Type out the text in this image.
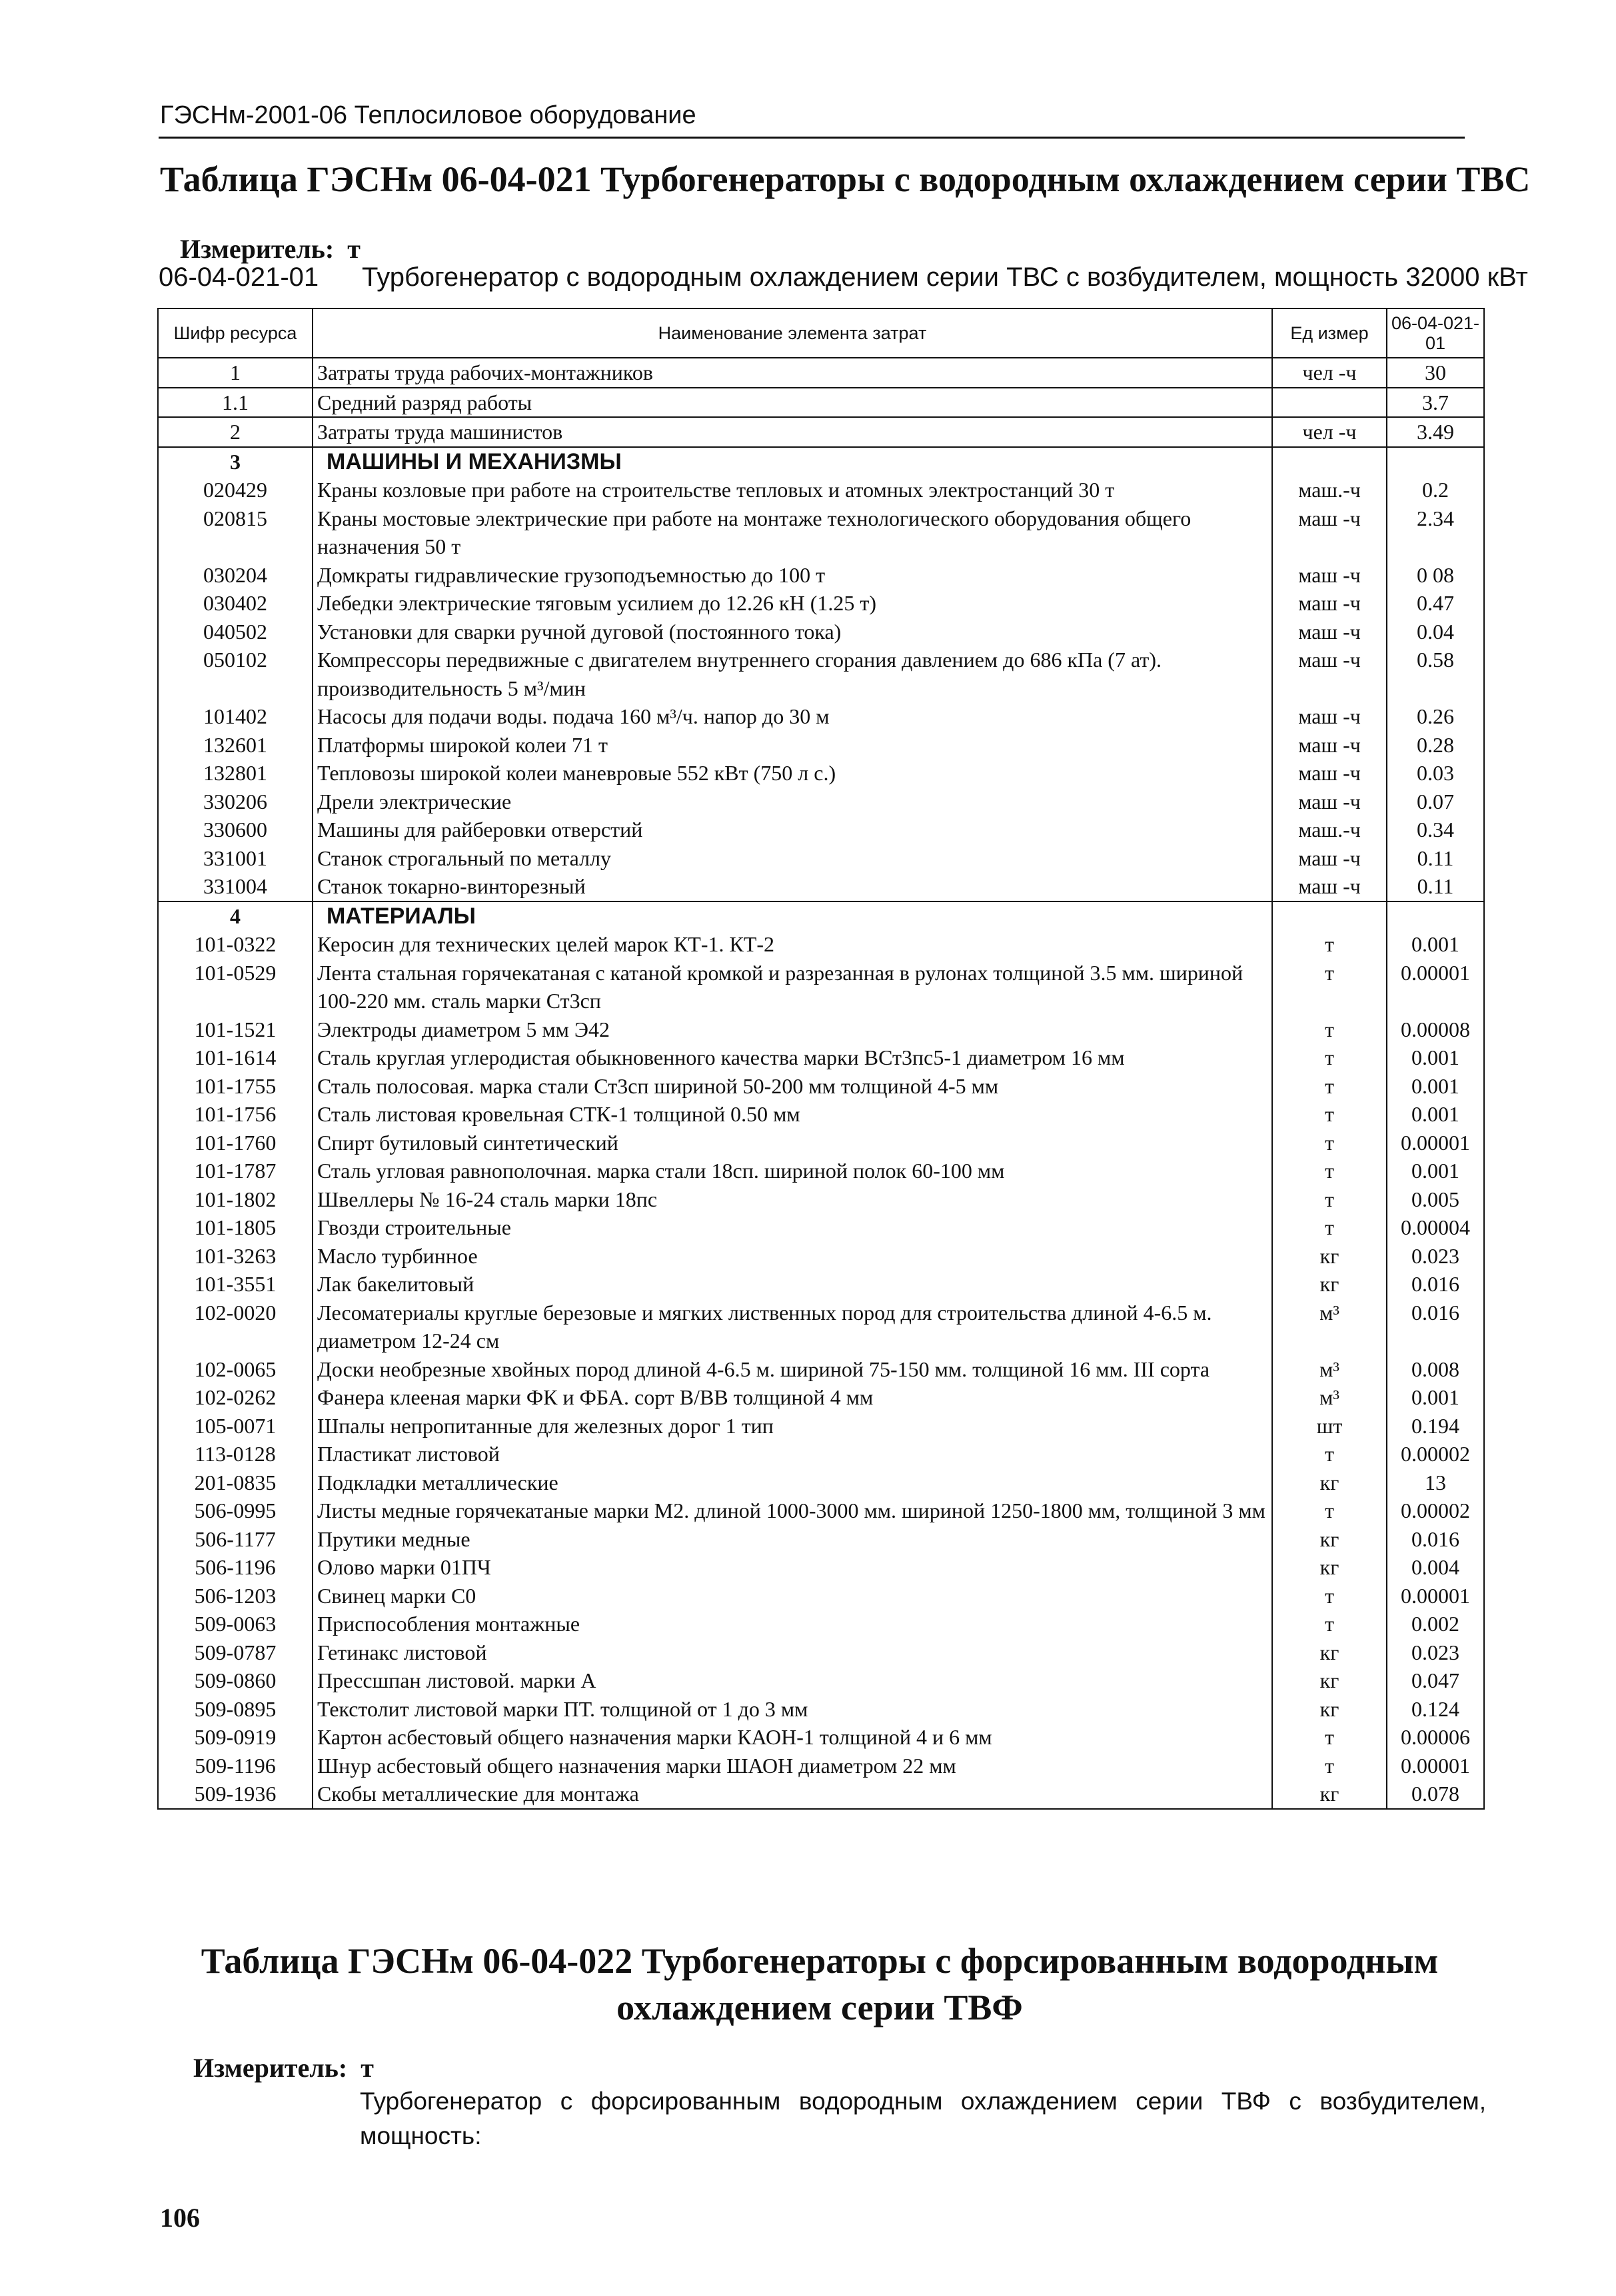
ГЭСНм-2001-06 Теплосиловое оборудование
Таблица ГЭСНм 06-04-021 Турбогенераторы с водородным охлаждением серии ТВС
Измеритель: т
06-04-021-01 Турбогенератор с водородным охлаждением серии ТВС с возбудителем, мощность 32000 кВт
Шифр ресурса	Наименование элемента затрат	Ед измер	06-04-021-01
1	Затраты труда рабочих-монтажников	чел -ч	30
1.1	Средний разряд работы		3.7
2	Затраты труда машинистов	чел -ч	3.49
3	МАШИНЫ И МЕХАНИЗМЫ		
020429	Краны козловые при работе на строительстве тепловых и атомных электростанций 30 т	маш.-ч	0.2
020815	Краны мостовые электрические при работе на монтаже технологического оборудования общего назначения 50 т	маш -ч	2.34
030204	Домкраты гидравлические грузоподъемностью до 100 т	маш -ч	0 08
030402	Лебедки электрические тяговым усилием до 12.26 кН (1.25 т)	маш -ч	0.47
040502	Установки для сварки ручной дуговой (постоянного тока)	маш -ч	0.04
050102	Компрессоры передвижные с двигателем внутреннего сгорания давлением до 686 кПа (7 ат). производительность 5 м³/мин	маш -ч	0.58
101402	Насосы для подачи воды. подача 160 м³/ч. напор до 30 м	маш -ч	0.26
132601	Платформы широкой колеи 71 т	маш -ч	0.28
132801	Тепловозы широкой колеи маневровые 552 кВт (750 л с.)	маш -ч	0.03
330206	Дрели электрические	маш -ч	0.07
330600	Машины для райберовки отверстий	маш.-ч	0.34
331001	Станок строгальный по металлу	маш -ч	0.11
331004	Станок токарно-винторезный	маш -ч	0.11
4	МАТЕРИАЛЫ		
101-0322	Керосин для технических целей марок КТ-1. КТ-2	т	0.001
101-0529	Лента стальная горячекатаная с катаной кромкой и разрезанная в рулонах толщиной 3.5 мм. шириной 100-220 мм. сталь марки Ст3сп	т	0.00001
101-1521	Электроды диаметром 5 мм Э42	т	0.00008
101-1614	Сталь круглая углеродистая обыкновенного качества марки ВСт3пс5-1 диаметром 16 мм	т	0.001
101-1755	Сталь полосовая. марка стали Ст3сп шириной 50-200 мм толщиной 4-5 мм	т	0.001
101-1756	Сталь листовая кровельная СТК-1 толщиной 0.50 мм	т	0.001
101-1760	Спирт бутиловый синтетический	т	0.00001
101-1787	Сталь угловая равнополочная. марка стали 18сп. шириной полок 60-100 мм	т	0.001
101-1802	Швеллеры № 16-24 сталь марки 18пс	т	0.005
101-1805	Гвозди строительные	т	0.00004
101-3263	Масло турбинное	кг	0.023
101-3551	Лак бакелитовый	кг	0.016
102-0020	Лесоматериалы круглые березовые и мягких лиственных пород для строительства длиной 4-6.5 м. диаметром 12-24 см	м³	0.016
102-0065	Доски необрезные хвойных пород длиной 4-6.5 м. шириной 75-150 мм. толщиной 16 мм. III сорта	м³	0.008
102-0262	Фанера клееная марки ФК и ФБА. сорт В/ВВ толщиной 4 мм	м³	0.001
105-0071	Шпалы непропитанные для железных дорог 1 тип	шт	0.194
113-0128	Пластикат листовой	т	0.00002
201-0835	Подкладки металлические	кг	13
506-0995	Листы медные горячекатаные марки М2. длиной 1000-3000 мм. шириной 1250-1800 мм, толщиной 3 мм	т	0.00002
506-1177	Прутики медные	кг	0.016
506-1196	Олово марки 01ПЧ	кг	0.004
506-1203	Свинец марки С0	т	0.00001
509-0063	Приспособления монтажные	т	0.002
509-0787	Гетинакс листовой	кг	0.023
509-0860	Прессшпан листовой. марки А	кг	0.047
509-0895	Текстолит листовой марки ПТ. толщиной от 1 до 3 мм	кг	0.124
509-0919	Картон асбестовый общего назначения марки КАОН-1 толщиной 4 и 6 мм	т	0.00006
509-1196	Шнур асбестовый общего назначения марки ШАОН диаметром 22 мм	т	0.00001
509-1936	Скобы металлические для монтажа	кг	0.078
Таблица ГЭСНм 06-04-022 Турбогенераторы с форсированным водородным охлаждением серии ТВФ
Измеритель: т
Турбогенератор с форсированным водородным охлаждением серии ТВФ с возбудителем, мощность:
106
